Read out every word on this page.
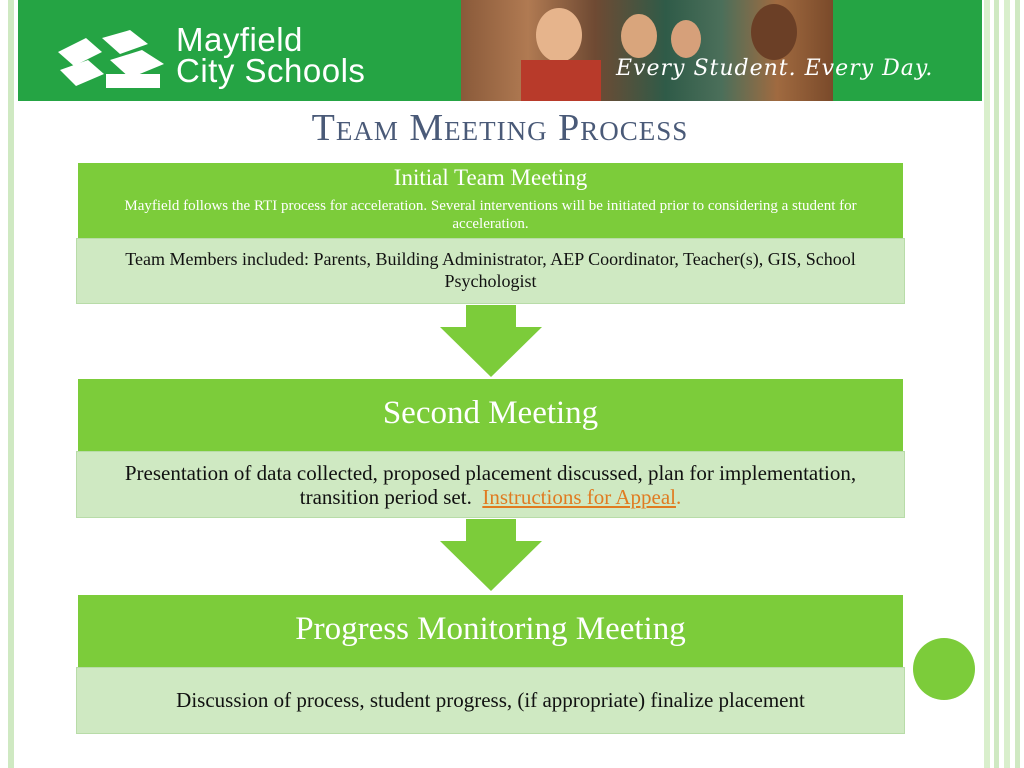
Mayfield
City Schools	Every Student. Every Day.
Team Meeting Process
Initial Team Meeting
Mayfield follows the RTI process for acceleration. Several interventions will be initiated prior to considering a student for acceleration.
Team Members included: Parents, Building Administrator, AEP Coordinator, Teacher(s), GIS, School Psychologist
Second Meeting
Presentation of data collected, proposed placement discussed, plan for implementation, transition period set. Instructions for Appeal.
Progress Monitoring Meeting
Discussion of process, student progress, (if appropriate) finalize placement
